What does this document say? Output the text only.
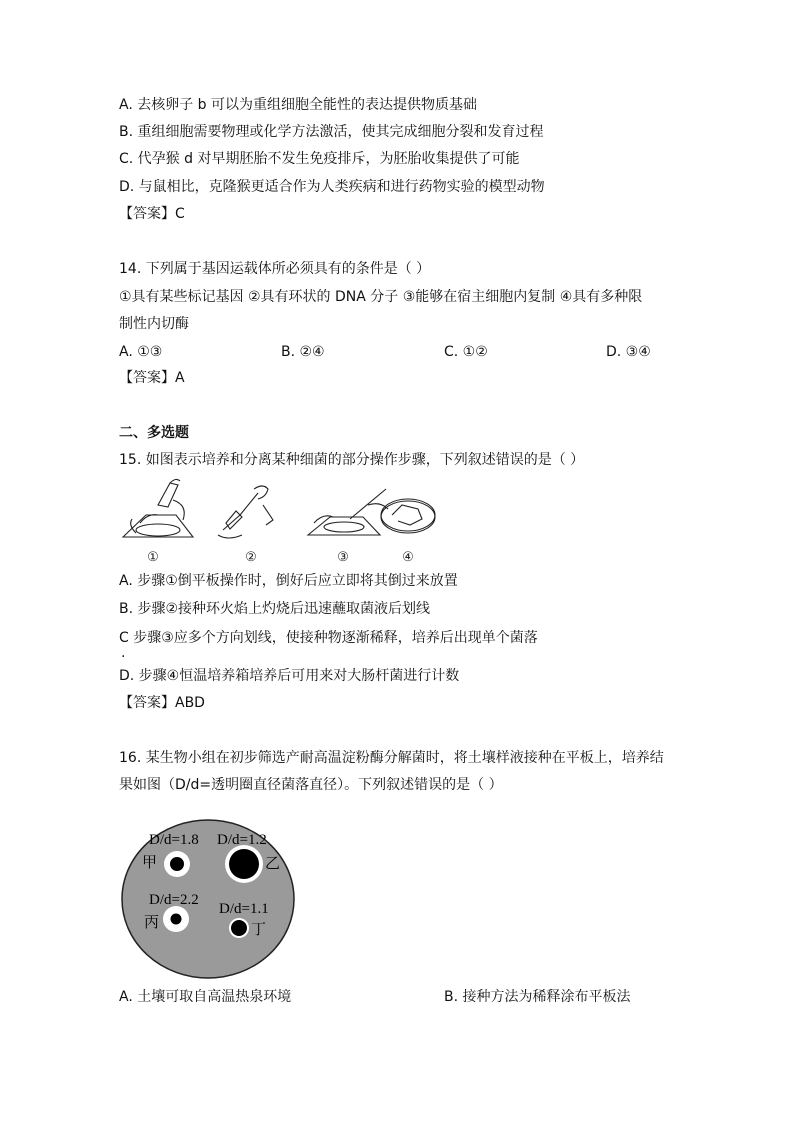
A. 去核卵子 b 可以为重组细胞全能性的表达提供物质基础
B. 重组细胞需要物理或化学方法激活，使其完成细胞分裂和发育过程
C. 代孕猴 d 对早期胚胎不发生免疫排斥，为胚胎收集提供了可能
D. 与鼠相比，克隆猴更适合作为人类疾病和进行药物实验的模型动物
【答案】C
14. 下列属于基因运载体所必须具有的条件是（ ）
①具有某些标记基因 ②具有环状的 DNA 分子 ③能够在宿主细胞内复制 ④具有多种限
制性内切酶
A. ①③	B. ②④	C. ①②	D. ③④
【答案】A
二、多选题
15. 如图表示培养和分离某种细菌的部分操作步骤，下列叙述错误的是（ ）
①	②	③	④
A. 步骤①倒平板操作时，倒好后应立即将其倒过来放置
B. 步骤②接种环火焰上灼烧后迅速蘸取菌液后划线
C 步骤③应多个方向划线，使接种物逐渐稀释，培养后出现单个菌落
.
D. 步骤④恒温培养箱培养后可用来对大肠杆菌进行计数
【答案】ABD
16. 某生物小组在初步筛选产耐高温淀粉酶分解菌时，将土壤样液接种在平板上，培养结
果如图（D/d=透明圈直径菌落直径）。下列叙述错误的是（ ）
D/d=1.8 D/d=1.2
D/d=2.2
D/d=1.1
甲	乙
丙	丁
A. 土壤可取自高温热泉环境	B. 接种方法为稀释涂布平板法
